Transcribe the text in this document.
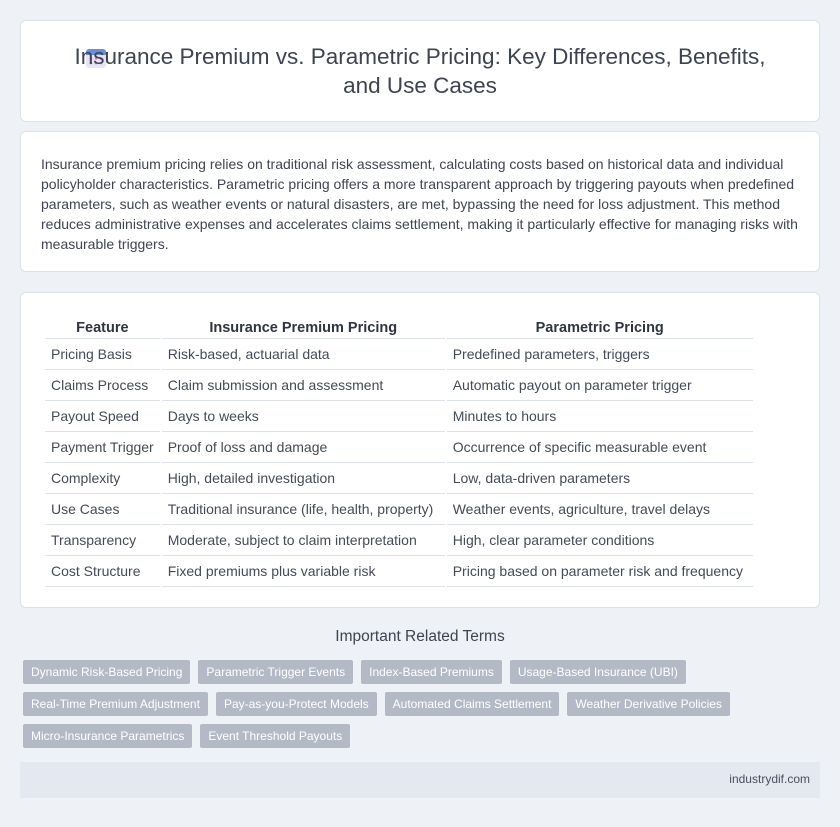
Insurance Premium vs. Parametric Pricing: Key Differences, Benefits, and Use Cases

Insurance premium pricing relies on traditional risk assessment, calculating costs based on historical data and individual policyholder characteristics. Parametric pricing offers a more transparent approach by triggering payouts when predefined parameters, such as weather events or natural disasters, are met, bypassing the need for loss adjustment. This method reduces administrative expenses and accelerates claims settlement, making it particularly effective for managing risks with measurable triggers.

Feature	Insurance Premium Pricing	Parametric Pricing
Pricing Basis	Risk-based, actuarial data	Predefined parameters, triggers
Claims Process	Claim submission and assessment	Automatic payout on parameter trigger
Payout Speed	Days to weeks	Minutes to hours
Payment Trigger	Proof of loss and damage	Occurrence of specific measurable event
Complexity	High, detailed investigation	Low, data-driven parameters
Use Cases	Traditional insurance (life, health, property)	Weather events, agriculture, travel delays
Transparency	Moderate, subject to claim interpretation	High, clear parameter conditions
Cost Structure	Fixed premiums plus variable risk	Pricing based on parameter risk and frequency
Important Related Terms
Dynamic Risk-Based Pricing	Parametric Trigger Events	Index-Based Premiums	Usage-Based Insurance (UBI)
Real-Time Premium Adjustment	Pay-as-you-Protect Models	Automated Claims Settlement	Weather Derivative Policies
Micro-Insurance Parametrics	Event Threshold Payouts
industrydif.com
